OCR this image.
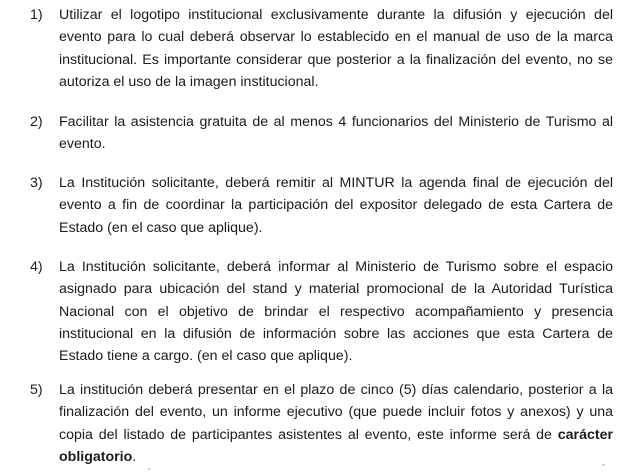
1)	Utilizar el logotipo institucional exclusivamente durante la difusión y ejecución del evento para lo cual deberá observar lo establecido en el manual de uso de la marca institucional. Es importante considerar que posterior a la finalización del evento, no se autoriza el uso de la imagen institucional.
2)	Facilitar la asistencia gratuita de al menos 4 funcionarios del Ministerio de Turismo al evento.
3)	La Institución solicitante, deberá remitir al MINTUR la agenda final de ejecución del evento a fin de coordinar la participación del expositor delegado de esta Cartera de Estado (en el caso que aplique).
4)	La Institución solicitante, deberá informar al Ministerio de Turismo sobre el espacio asignado para ubicación del stand y material promocional de la Autoridad Turística Nacional con el objetivo de brindar el respectivo acompañamiento y presencia institucional en la difusión de información sobre las acciones que esta Cartera de Estado tiene a cargo. (en el caso que aplique).
5)	La institución deberá presentar en el plazo de cinco (5) días calendario, posterior a la finalización del evento, un informe ejecutivo (que puede incluir fotos y anexos) y una copia del listado de participantes asistentes al evento, este informe será de carácter obligatorio.
